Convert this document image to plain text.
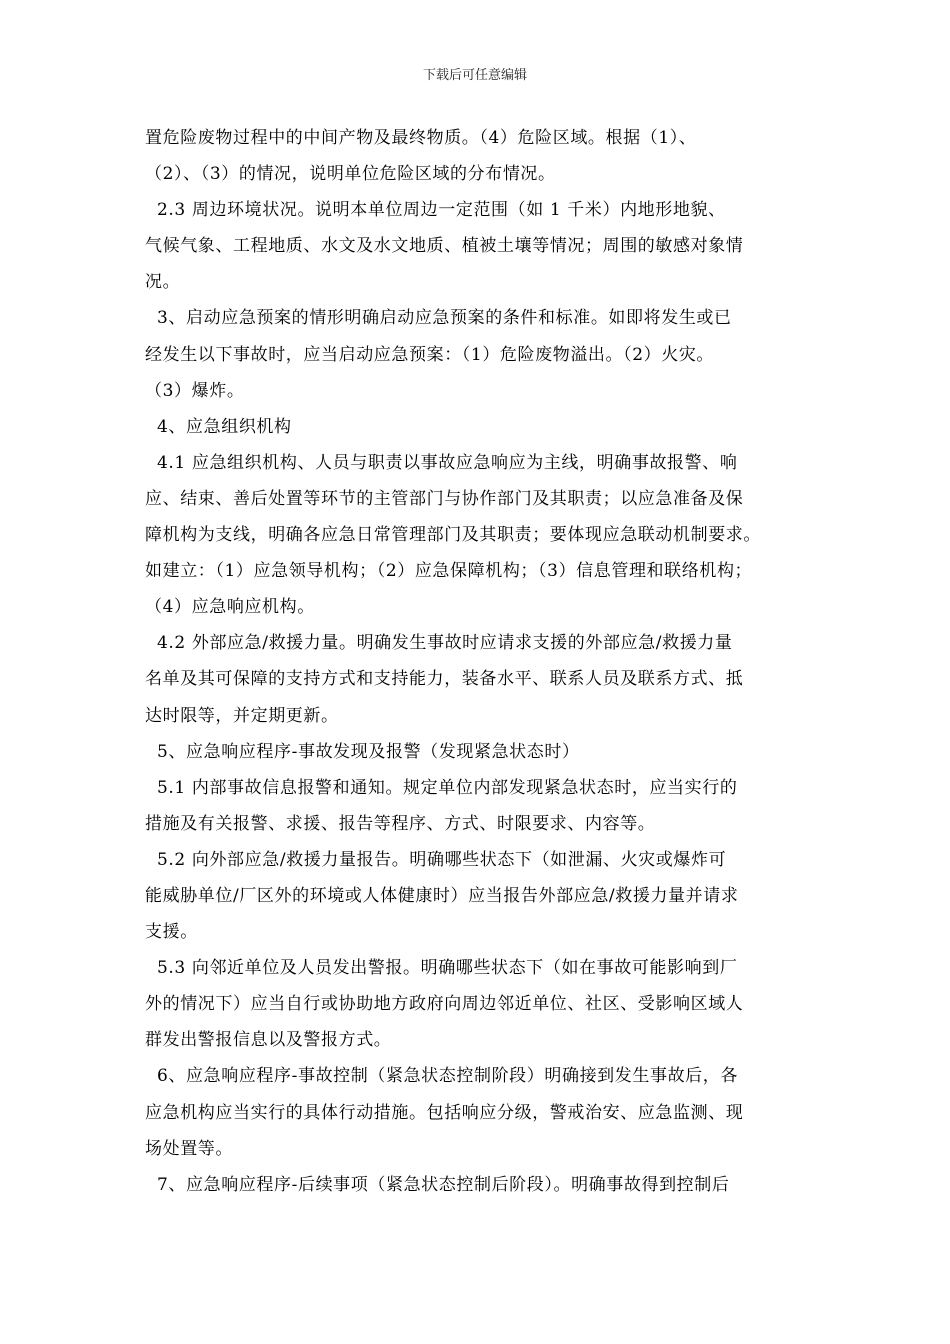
下载后可任意编辑
置危险废物过程中的中间产物及最终物质。（4）危险区域。根据（1）、
（2）、（3）的情况，说明单位危险区域的分布情况。
2.3 周边环境状况。说明本单位周边一定范围（如 1 千米）内地形地貌、
气候气象、工程地质、水文及水文地质、植被土壤等情况；周围的敏感对象情
况。
3、启动应急预案的情形明确启动应急预案的条件和标准。如即将发生或已
经发生以下事故时，应当启动应急预案：（1）危险废物溢出。（2）火灾。
（3）爆炸。
4、应急组织机构
4.1 应急组织机构、人员与职责以事故应急响应为主线，明确事故报警、响
应、结束、善后处置等环节的主管部门与协作部门及其职责；以应急准备及保
障机构为支线，明确各应急日常管理部门及其职责；要体现应急联动机制要求。
如建立：（1）应急领导机构；（2）应急保障机构；（3）信息管理和联络机构；
（4）应急响应机构。
4.2 外部应急/救援力量。明确发生事故时应请求支援的外部应急/救援力量
名单及其可保障的支持方式和支持能力，装备水平、联系人员及联系方式、抵
达时限等，并定期更新。
5、应急响应程序-事故发现及报警（发现紧急状态时）
5.1 内部事故信息报警和通知。规定单位内部发现紧急状态时，应当实行的
措施及有关报警、求援、报告等程序、方式、时限要求、内容等。
5.2 向外部应急/救援力量报告。明确哪些状态下（如泄漏、火灾或爆炸可
能威胁单位/厂区外的环境或人体健康时）应当报告外部应急/救援力量并请求
支援。
5.3 向邻近单位及人员发出警报。明确哪些状态下（如在事故可能影响到厂
外的情况下）应当自行或协助地方政府向周边邻近单位、社区、受影响区域人
群发出警报信息以及警报方式。
6、应急响应程序-事故控制（紧急状态控制阶段）明确接到发生事故后，各
应急机构应当实行的具体行动措施。包括响应分级，警戒治安、应急监测、现
场处置等。
7、应急响应程序-后续事项（紧急状态控制后阶段）。明确事故得到控制后
